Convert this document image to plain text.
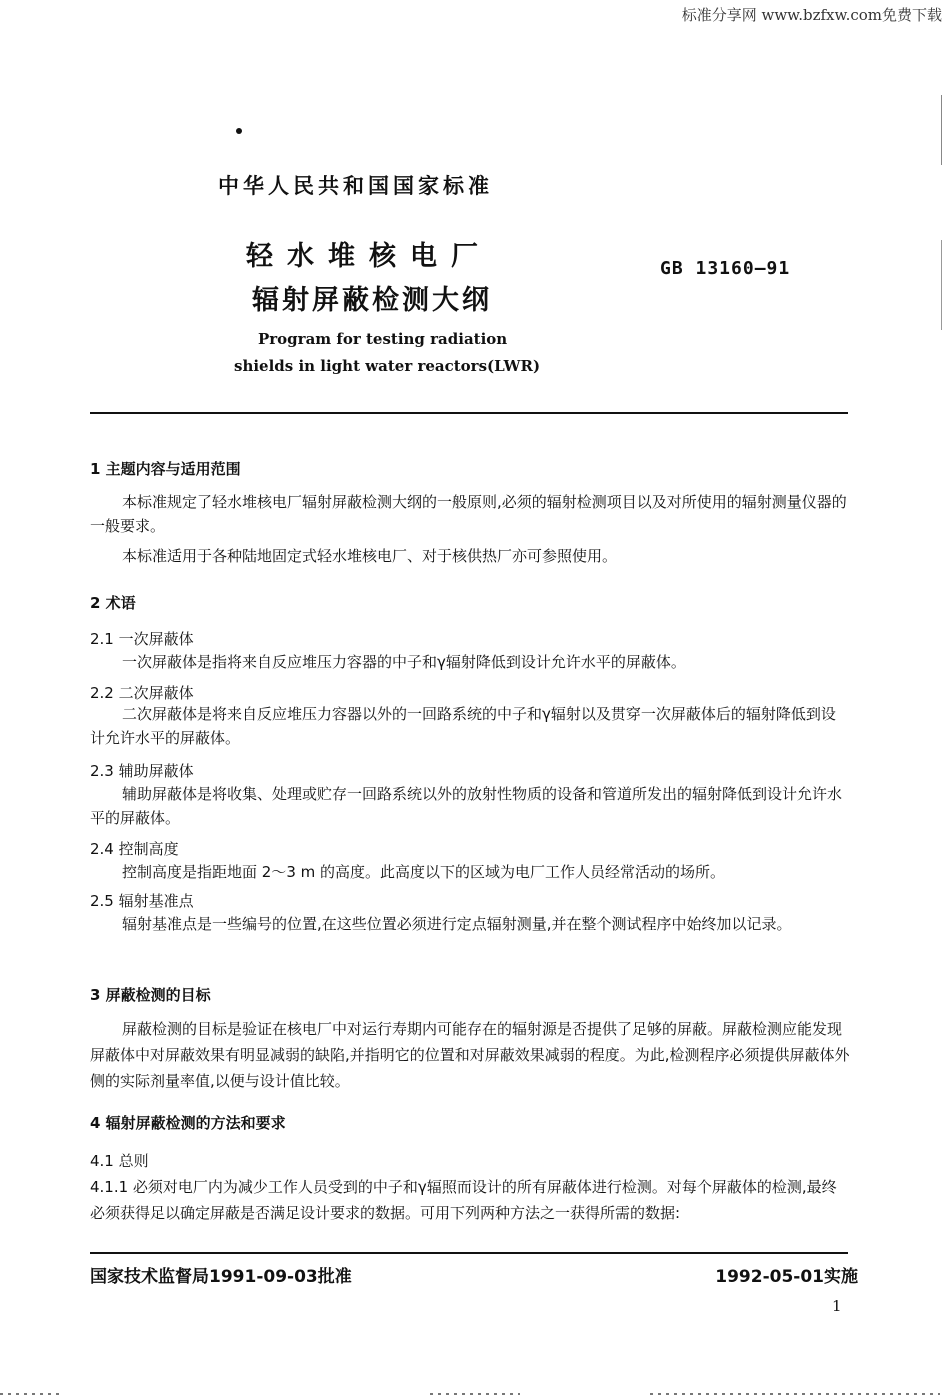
标准分享网 www.bzfxw.com免费下载
中华人民共和国国家标准
轻水堆核电厂
辐射屏蔽检测大纲
GB 13160—91
Program for testing radiation
shields in light water reactors(LWR)
1 主题内容与适用范围
本标准规定了轻水堆核电厂辐射屏蔽检测大纲的一般原则,必须的辐射检测项目以及对所使用的辐射测量仪器的一般要求。
本标准适用于各种陆地固定式轻水堆核电厂、对于核供热厂亦可参照使用。
2 术语
2.1 一次屏蔽体
一次屏蔽体是指将来自反应堆压力容器的中子和γ辐射降低到设计允许水平的屏蔽体。
2.2 二次屏蔽体
二次屏蔽体是将来自反应堆压力容器以外的一回路系统的中子和γ辐射以及贯穿一次屏蔽体后的辐射降低到设计允许水平的屏蔽体。
2.3 辅助屏蔽体
辅助屏蔽体是将收集、处理或贮存一回路系统以外的放射性物质的设备和管道所发出的辐射降低到设计允许水平的屏蔽体。
2.4 控制高度
控制高度是指距地面 2～3 m 的高度。此高度以下的区域为电厂工作人员经常活动的场所。
2.5 辐射基准点
辐射基准点是一些编号的位置,在这些位置必须进行定点辐射测量,并在整个测试程序中始终加以记录。
3 屏蔽检测的目标
屏蔽检测的目标是验证在核电厂中对运行寿期内可能存在的辐射源是否提供了足够的屏蔽。屏蔽检测应能发现屏蔽体中对屏蔽效果有明显减弱的缺陷,并指明它的位置和对屏蔽效果减弱的程度。为此,检测程序必须提供屏蔽体外侧的实际剂量率值,以便与设计值比较。
4 辐射屏蔽检测的方法和要求
4.1 总则
4.1.1 必须对电厂内为减少工作人员受到的中子和γ辐照而设计的所有屏蔽体进行检测。对每个屏蔽体的检测,最终必须获得足以确定屏蔽是否满足设计要求的数据。可用下列两种方法之一获得所需的数据:
国家技术监督局1991-09-03批准	1992-05-01实施
1
